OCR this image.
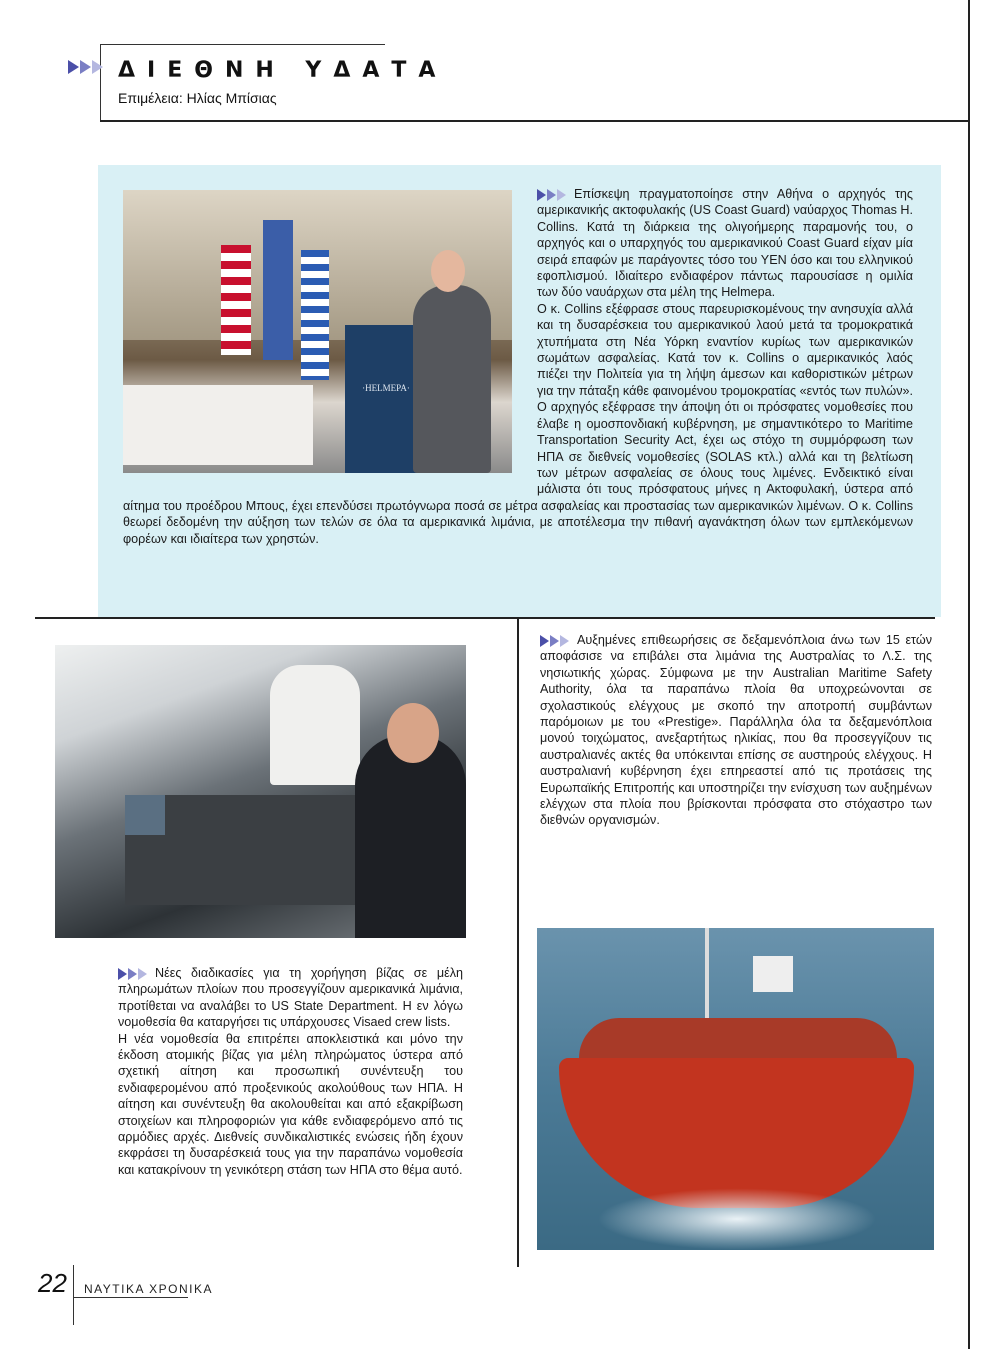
ΔΙΕΘΝΗ ΥΔΑΤΑ
Επιμέλεια: Ηλίας Μπίσιας
·HELMEPA·

Επίσκεψη πραγματοποίησε στην Αθήνα ο αρχηγός της αμερικανικής ακτοφυλακής (US Coast Guard) ναύαρχος Thomas H. Collins. Κατά τη διάρκεια της ολιγοήμερης παραμονής του, ο αρχηγός και ο υπαρχηγός του αμερικανικού Coast Guard είχαν μία σειρά επαφών με παράγοντες τόσο του ΥΕΝ όσο και του ελληνικού εφοπλισμού. Ιδιαίτερο ενδιαφέρον πάντως παρουσίασε η ομιλία των δύο ναυάρχων στα μέλη της Helmepa.

Ο κ. Collins εξέφρασε στους παρευρισκομένους την ανησυχία αλλά και τη δυσαρέσκεια του αμερικανικού λαού μετά τα τρομοκρατικά χτυπήματα στη Νέα Υόρκη εναντίον κυρίως των αμερικανικών σωμάτων ασφαλείας. Κατά τον κ. Collins ο αμερικανικός λαός πιέζει την Πολιτεία για τη λήψη άμεσων και καθοριστικών μέτρων για την πάταξη κάθε φαινομένου τρομοκρατίας «εντός των πυλών». Ο αρχηγός εξέφρασε την άποψη ότι οι πρόσφατες νομοθεσίες που έλαβε η ομοσπονδιακή κυβέρνηση, με σημαντικότερο το Maritime Transportation Security Act, έχει ως στόχο τη συμμόρφωση των ΗΠΑ σε διεθνείς νομοθεσίες (SOLAS κτλ.) αλλά και τη βελτίωση των μέτρων ασφαλείας σε όλους τους λιμένες. Ενδεικτικό είναι μάλιστα ότι τους πρόσφατους μήνες η Ακτοφυλακή, ύστερα από αίτημα του προέδρου Μπους, έχει επενδύσει πρωτόγνωρα ποσά σε μέτρα ασφαλείας και προστασίας των αμερικανικών λιμένων. Ο κ. Collins θεωρεί δεδομένη την αύξηση των τελών σε όλα τα αμερικανικά λιμάνια, με αποτέλεσμα την πιθανή αγανάκτηση όλων των εμπλεκόμενων φορέων και ιδιαίτερα των χρηστών.

Αυξημένες επιθεωρήσεις σε δεξαμενόπλοια άνω των 15 ετών αποφάσισε να επιβάλει στα λιμάνια της Αυστραλίας το Λ.Σ. της νησιωτικής χώρας. Σύμφωνα με την Australian Maritime Safety Authority, όλα τα παραπάνω πλοία θα υποχρεώνονται σε σχολαστικούς ελέγχους με σκοπό την αποτροπή συμβάντων παρόμοιων με του «Prestige». Παράλληλα όλα τα δεξαμενόπλοια μονού τοιχώματος, ανεξαρτήτως ηλικίας, που θα προσεγγίζουν τις αυστραλιανές ακτές θα υπόκεινται επίσης σε αυστηρούς ελέγχους. Η αυστραλιανή κυβέρνηση έχει επηρεαστεί από τις προτάσεις της Ευρωπαϊκής Επιτροπής και υποστηρίζει την ενίσχυση των αυξημένων ελέγχων στα πλοία που βρίσκονται πρόσφατα στο στόχαστρο των διεθνών οργανισμών.

Νέες διαδικασίες για τη χορήγηση βίζας σε μέλη πληρωμάτων πλοίων που προσεγγίζουν αμερικανικά λιμάνια, προτίθεται να αναλάβει το US State Department. Η εν λόγω νομοθεσία θα καταργήσει τις υπάρχουσες Visaed crew lists.

Η νέα νομοθεσία θα επιτρέπει αποκλειστικά και μόνο την έκδοση ατομικής βίζας για μέλη πληρώματος ύστερα από σχετική αίτηση και προσωπική συνέντευξη του ενδιαφερομένου από προξενικούς ακολούθους των ΗΠΑ. Η αίτηση και συνέντευξη θα ακολουθείται και από εξακρίβωση στοιχείων και πληροφοριών για κάθε ενδιαφερόμενο από τις αρμόδιες αρχές. Διεθνείς συνδικαλιστικές ενώσεις ήδη έχουν εκφράσει τη δυσαρέσκειά τους για την παραπάνω νομοθεσία και κατακρίνουν τη γενικότερη στάση των ΗΠΑ στο θέμα αυτό.

22 ΝΑΥΤΙΚΑ ΧΡΟΝΙΚΑ
